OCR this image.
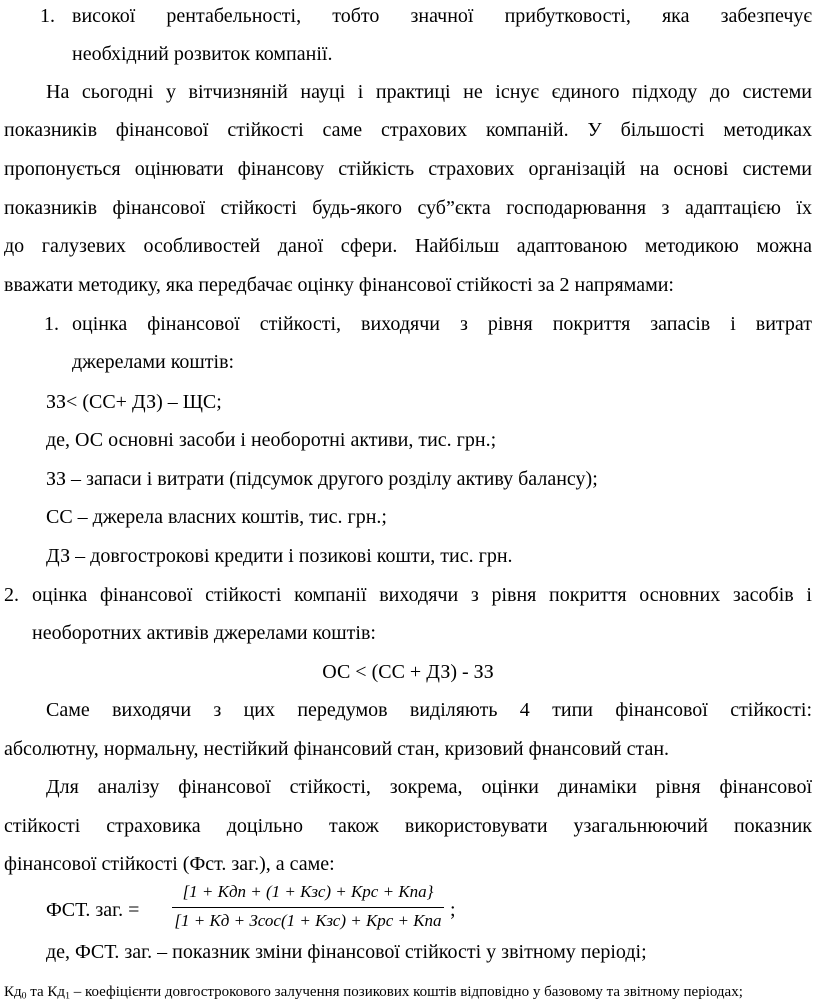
1. високої рентабельності, тобто значної прибутковості, яка забезпечує
необхідний розвиток компанії.
На сьогодні у вітчизняній науці і практиці не існує єдиного підходу до системи
показників фінансової стійкості саме страхових компаній. У більшості методиках
пропонується оцінювати фінансову стійкість страхових організацій на основі системи
показників фінансової стійкості будь-якого суб”єкта господарювання з адаптацією їх
до галузевих особливостей даної сфери. Найбільш адаптованою методикою можна
вважати методику, яка передбачає оцінку фінансової стійкості за 2 напрямами:
1. оцінка фінансової стійкості, виходячи з рівня покриття запасів і витрат
джерелами коштів:
ЗЗ< (СС+ ДЗ) – ЩС;
де, ОС основні засоби і необоротні активи, тис. грн.;
ЗЗ – запаси і витрати (підсумок другого розділу активу балансу);
СС – джерела власних коштів, тис. грн.;
ДЗ – довгострокові кредити і позикові кошти, тис. грн.
2. оцінка фінансової стійкості компанії виходячи з рівня покриття основних засобів і
необоротних активів джерелами коштів:
ОС < (СС + ДЗ) - ЗЗ
Саме виходячи з цих передумов виділяють 4 типи фінансової стійкості:
абсолютну, нормальну, нестійкий фінансовий стан, кризовий фнансовий стан.
Для аналізу фінансової стійкості, зокрема, оцінки динаміки рівня фінансової
стійкості страховика доцільно також використовувати узагальнюючий показник
фінансової стійкості (Фст. заг.), а саме:
ФСТ. заг. =
[1 + Кдп + (1 + Кзс) + Крс + Кпа}
[1 + Кд + Зсос(1 + Кзс) + Крс + Кпа ;
де, ФСТ. заг. – показник зміни фінансової стійкості у звітному періоді;
$Кд_0$ та $Кд_1$ – коефіцієнти довгострокового залучення позикових коштів відповідно у базовому та звітному періодах;
